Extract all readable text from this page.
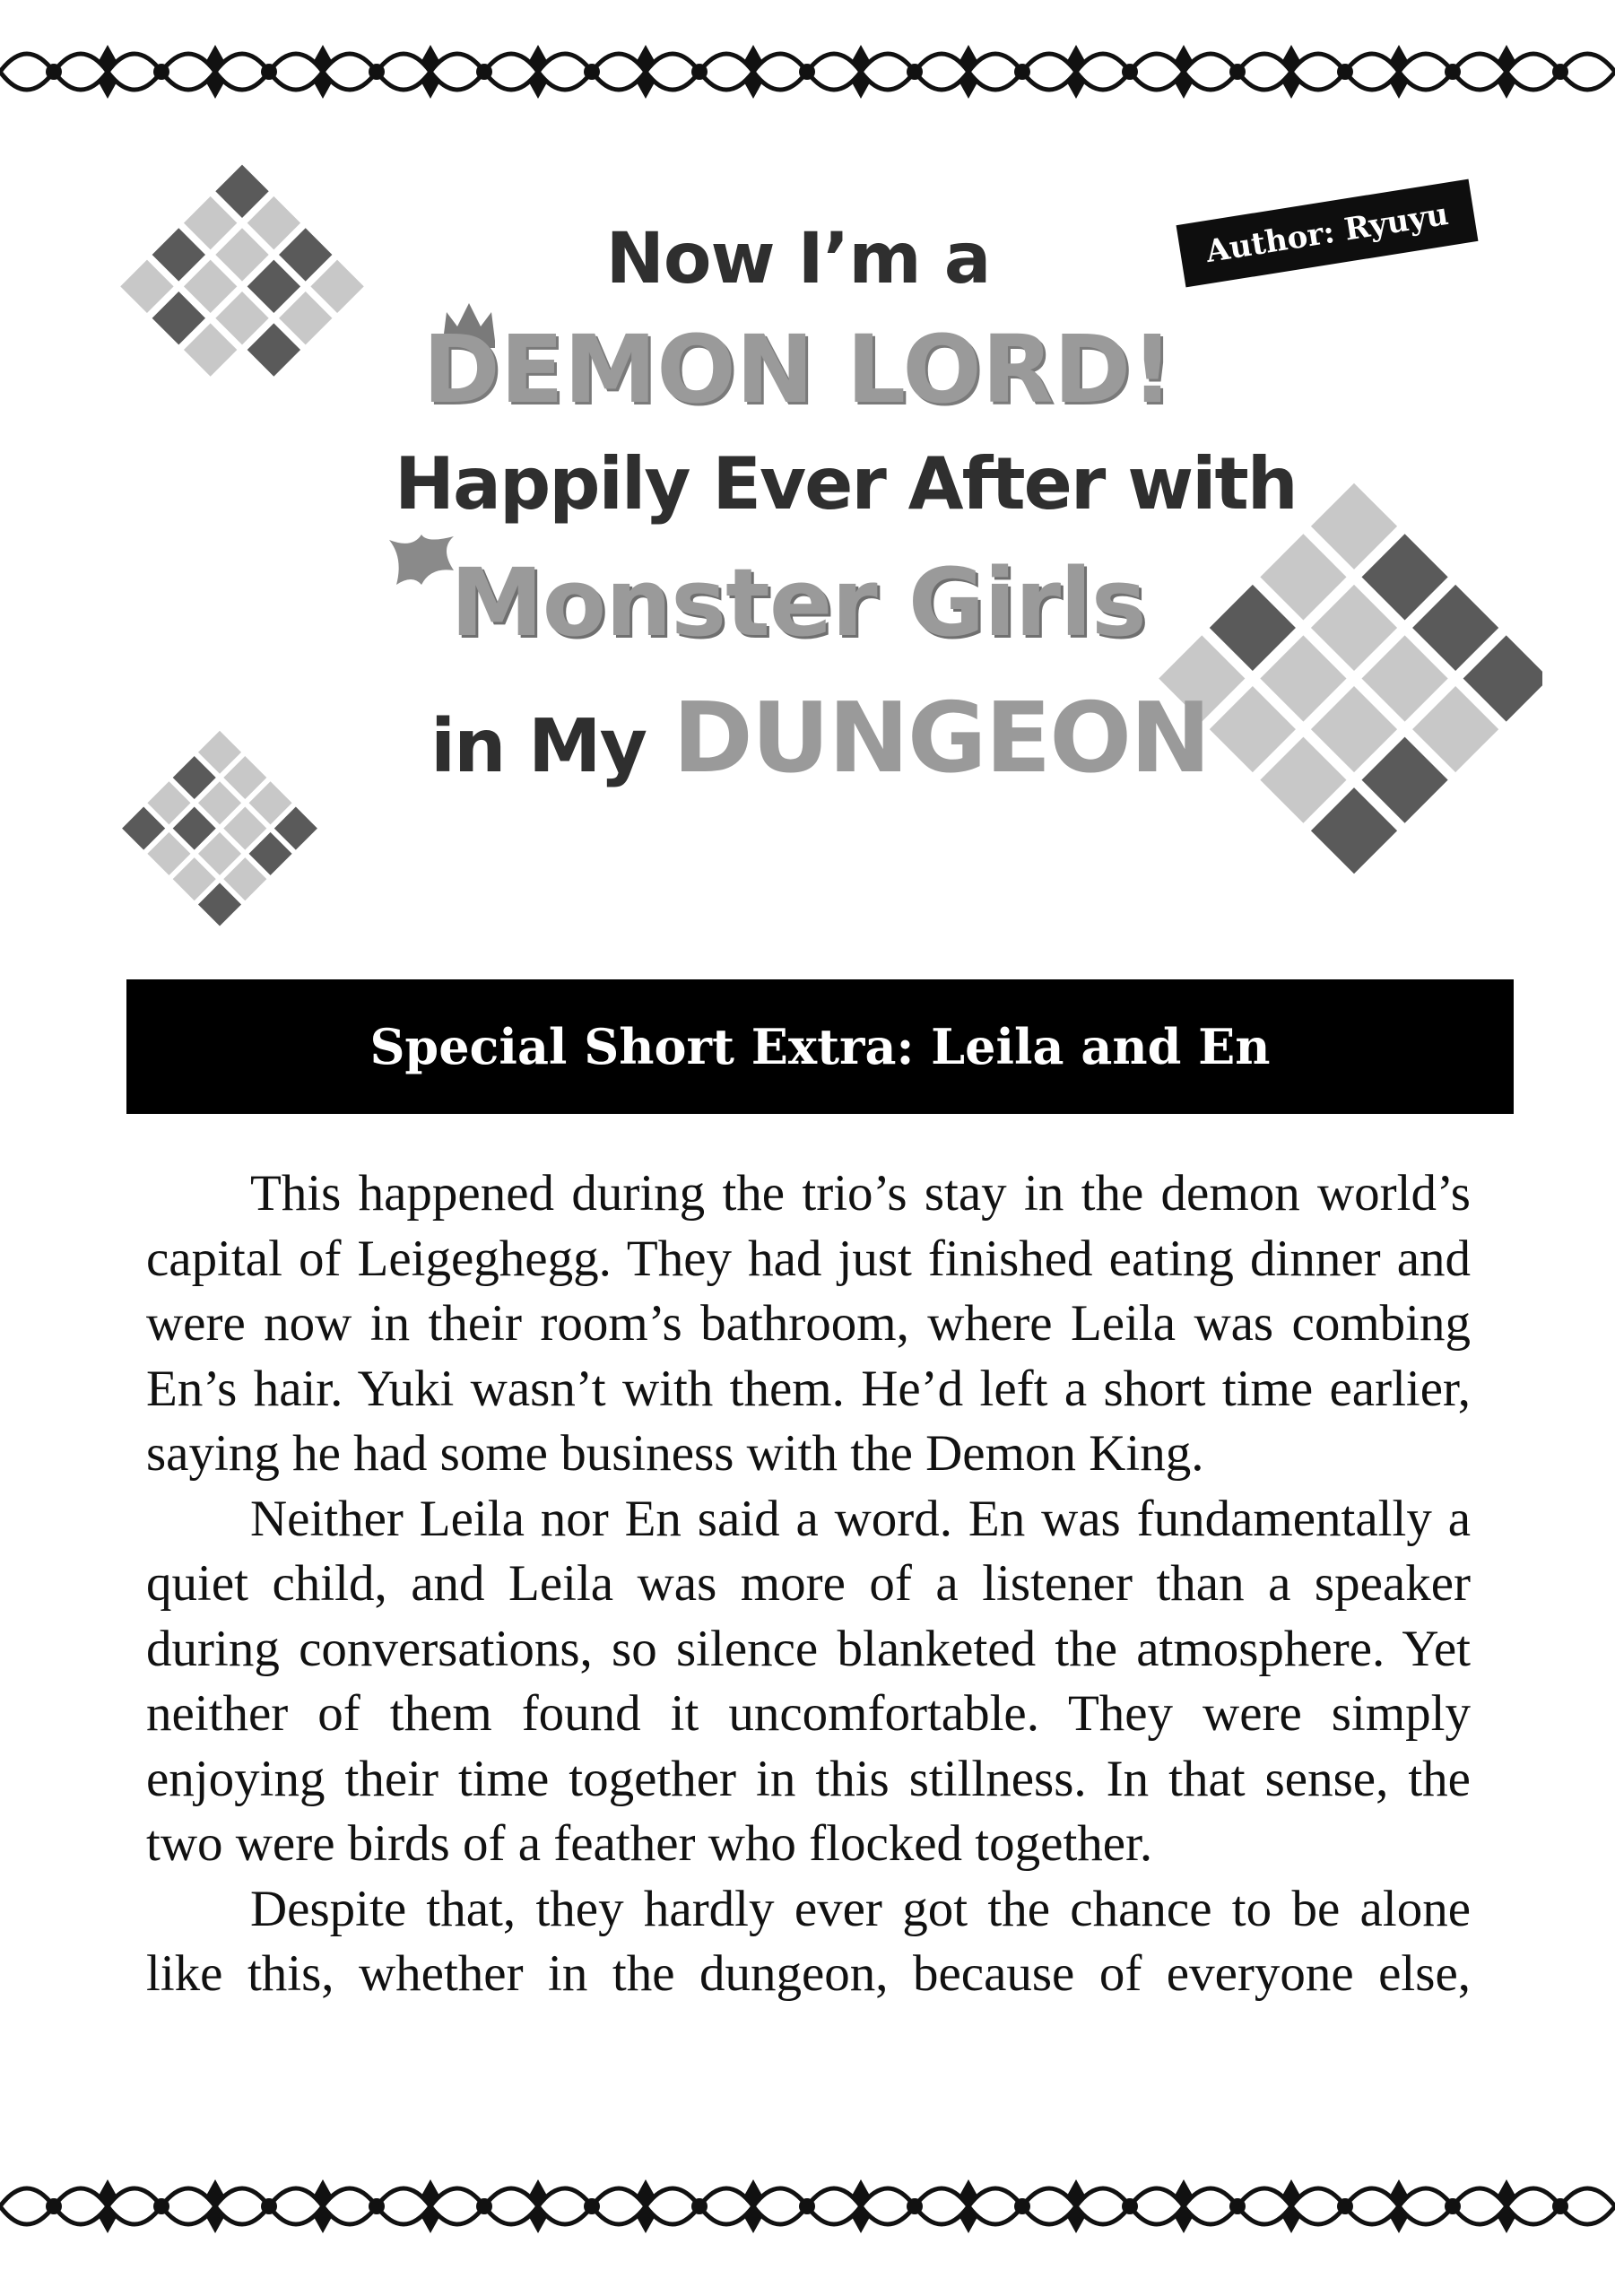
Now I’m a
DEMON LORD!
Happily Ever After with
Monster Girls
in My DUNGEON
Author: Ryuyu
Special Short Extra: Leila and En

This happened during the trio’s stay in the demon world’s capital of Leigeghegg. They had just finished eating dinner and were now in their room’s bathroom, where Leila was combing En’s hair. Yuki wasn’t with them. He’d left a short time earlier, saying he had some business with the Demon King.

Neither Leila nor En said a word. En was fundamentally a quiet child, and Leila was more of a listener than a speaker during conversations, so silence blanketed the atmosphere. Yet neither of them found it uncomfortable. They were simply enjoying their time together in this stillness. In that sense, the two were birds of a feather who flocked together.

Despite that, they hardly ever got the chance to be alone like this, whether in the dungeon, because of everyone else,
